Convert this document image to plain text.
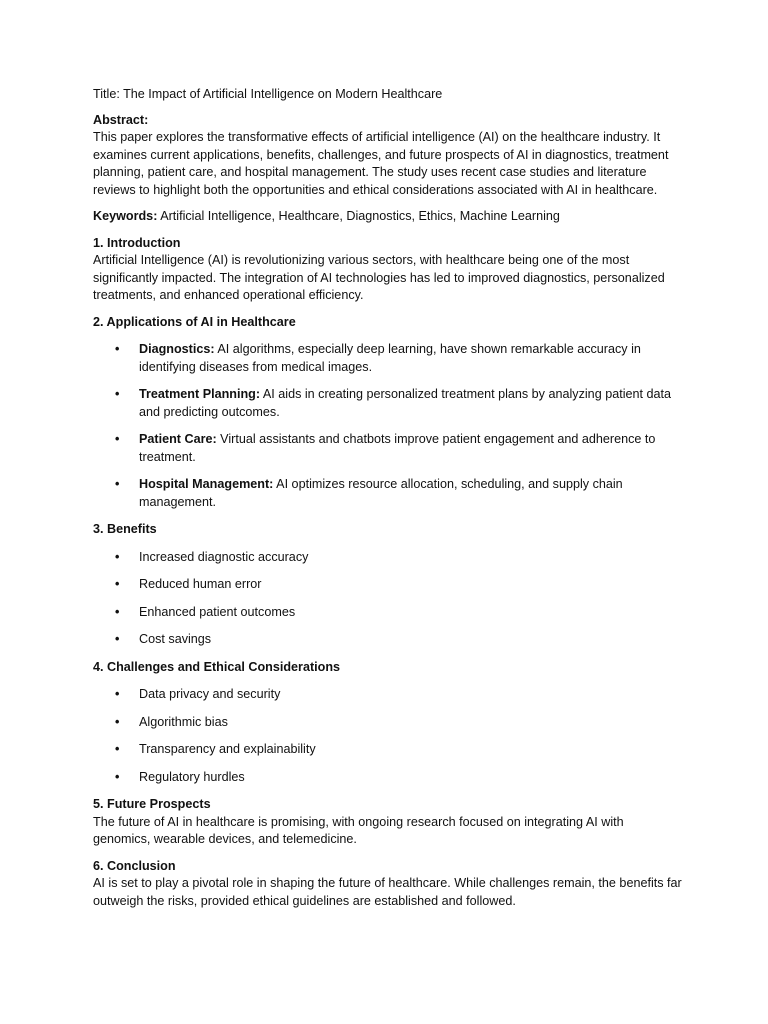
Title: The Impact of Artificial Intelligence on Modern Healthcare

Abstract:
This paper explores the transformative effects of artificial intelligence (AI) on the healthcare industry. It examines current applications, benefits, challenges, and future prospects of AI in diagnostics, treatment planning, patient care, and hospital management. The study uses recent case studies and literature reviews to highlight both the opportunities and ethical considerations associated with AI in healthcare.
Keywords: Artificial Intelligence, Healthcare, Diagnostics, Ethics, Machine Learning
1. Introduction
Artificial Intelligence (AI) is revolutionizing various sectors, with healthcare being one of the most significantly impacted. The integration of AI technologies has led to improved diagnostics, personalized treatments, and enhanced operational efficiency.
2. Applications of AI in Healthcare
• Diagnostics: AI algorithms, especially deep learning, have shown remarkable accuracy in identifying diseases from medical images.
• Treatment Planning: AI aids in creating personalized treatment plans by analyzing patient data and predicting outcomes.
• Patient Care: Virtual assistants and chatbots improve patient engagement and adherence to treatment.
• Hospital Management: AI optimizes resource allocation, scheduling, and supply chain management.
3. Benefits
• Increased diagnostic accuracy
• Reduced human error
• Enhanced patient outcomes
• Cost savings
4. Challenges and Ethical Considerations
• Data privacy and security
• Algorithmic bias
• Transparency and explainability
• Regulatory hurdles
5. Future Prospects
The future of AI in healthcare is promising, with ongoing research focused on integrating AI with genomics, wearable devices, and telemedicine.
6. Conclusion
AI is set to play a pivotal role in shaping the future of healthcare. While challenges remain, the benefits far outweigh the risks, provided ethical guidelines are established and followed.
